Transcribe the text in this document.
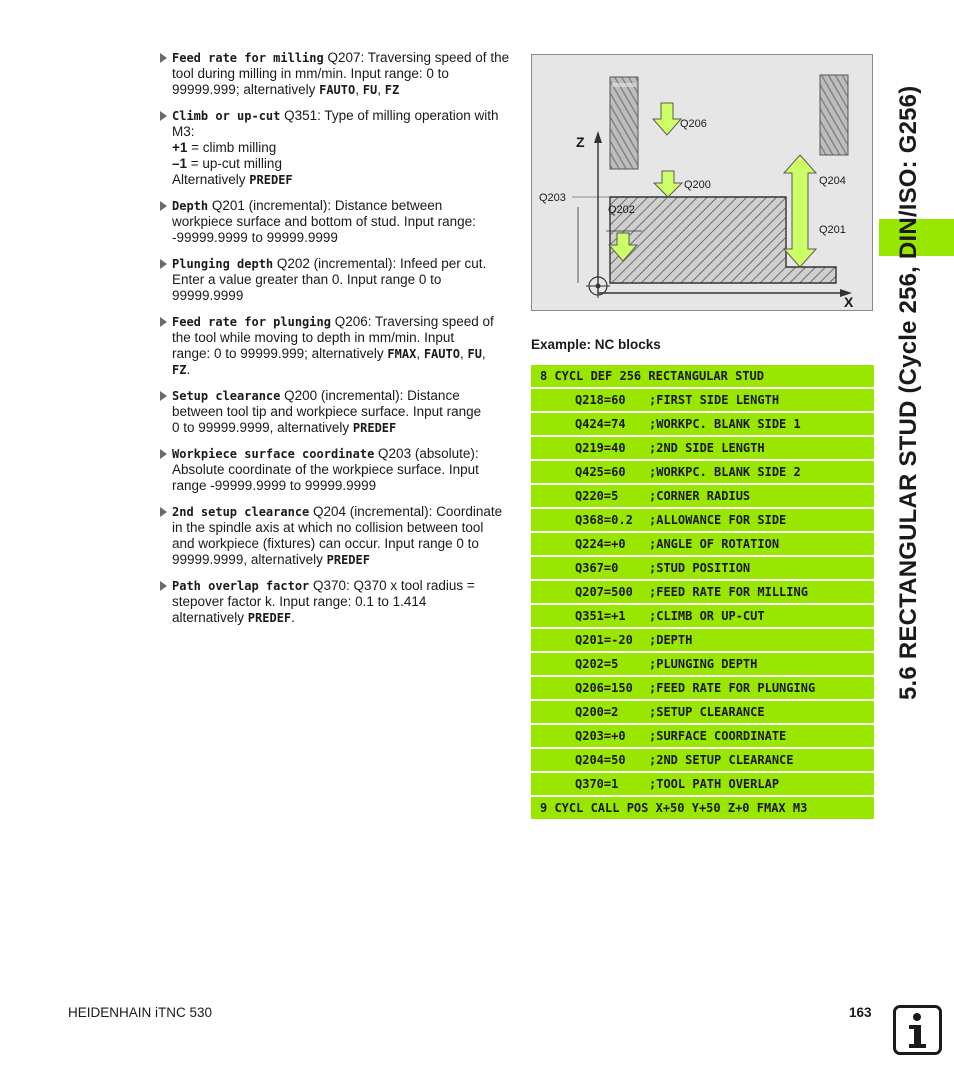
Feed rate for milling Q207: Traversing speed of the
tool during milling in mm/min. Input range: 0 to
99999.999; alternatively FAUTO, FU, FZ
Climb or up-cut Q351: Type of milling operation with
M3:
+1 = climb milling
–1 = up-cut milling
Alternatively PREDEF
Depth Q201 (incremental): Distance between
workpiece surface and bottom of stud. Input range:
-99999.9999 to 99999.9999
Plunging depth Q202 (incremental): Infeed per cut.
Enter a value greater than 0. Input range 0 to
99999.9999
Feed rate for plunging Q206: Traversing speed of
the tool while moving to depth in mm/min. Input
range: 0 to 99999.999; alternatively FMAX, FAUTO, FU,
FZ.
Setup clearance Q200 (incremental): Distance
between tool tip and workpiece surface. Input range
0 to 99999.9999, alternatively PREDEF
Workpiece surface coordinate Q203 (absolute):
Absolute coordinate of the workpiece surface. Input
range -99999.9999 to 99999.9999
2nd setup clearance Q204 (incremental): Coordinate
in the spindle axis at which no collision between tool
and workpiece (fixtures) can occur. Input range 0 to
99999.9999, alternatively PREDEF
Path overlap factor Q370: Q370 x tool radius =
stepover factor k. Input range: 0.1 to 1.414
alternatively PREDEF.
Z
X
Q206
Q200	Q204
Q203
Q202
Q201
Example: NC blocks
8 CYCL DEF 256 RECTANGULAR STUD
Q218=60 ;FIRST SIDE LENGTH
Q424=74 ;WORKPC. BLANK SIDE 1
Q219=40 ;2ND SIDE LENGTH
Q425=60 ;WORKPC. BLANK SIDE 2
Q220=5	;CORNER RADIUS
Q368=0.2 ;ALLOWANCE FOR SIDE
Q224=+0 ;ANGLE OF ROTATION
Q367=0	;STUD POSITION
Q207=500 ;FEED RATE FOR MILLING
Q351=+1 ;CLIMB OR UP-CUT
Q201=-20 ;DEPTH
Q202=5	;PLUNGING DEPTH
Q206=150 ;FEED RATE FOR PLUNGING
Q200=2	;SETUP CLEARANCE
Q203=+0 ;SURFACE COORDINATE
Q204=50 ;2ND SETUP CLEARANCE
Q370=1	;TOOL PATH OVERLAP
9 CYCL CALL POS X+50 Y+50 Z+0 FMAX M3
5.6 RECTANGULAR STUD (Cycle 256, DIN/ISO: G256)
HEIDENHAIN iTNC 530	163
